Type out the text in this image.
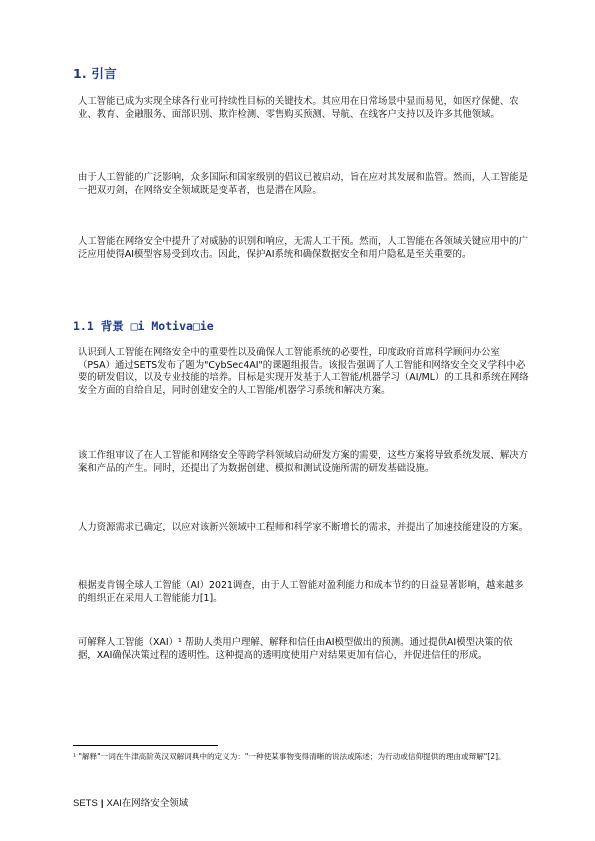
1. 引言

人工智能已成为实现全球各行业可持续性目标的关键技术。其应用在日常场景中显而易见，如医疗保健、农业、教育、金融服务、面部识别、欺诈检测、零售购买预测、导航、在线客户支持以及许多其他领域。

由于人工智能的广泛影响，众多国际和国家级别的倡议已被启动，旨在应对其发展和监管。然而，人工智能是一把双刃剑，在网络安全领域既是变革者，也是潜在风险。

人工智能在网络安全中提升了对威胁的识别和响应，无需人工干预。然而，人工智能在各领域关键应用中的广泛应用使得AI模型容易受到攻击。因此，保护AI系统和确保数据安全和用户隐私是至关重要的。

1.1 背景 □i Motiva□ie

认识到人工智能在网络安全中的重要性以及确保人工智能系统的必要性，印度政府首席科学顾问办公室（PSA）通过SETS发布了题为"CybSec4AI"的课题组报告。该报告强调了人工智能和网络安全交叉学科中必要的研发倡议，以及专业技能的培养。目标是实现开发基于人工智能/机器学习（AI/ML）的工具和系统在网络安全方面的自给自足，同时创建安全的人工智能/机器学习系统和解决方案。

该工作组审议了在人工智能和网络安全等跨学科领域启动研发方案的需要，这些方案将导致系统发展、解决方案和产品的产生。同时，还提出了为数据创建、模拟和测试设施所需的研发基础设施。

人力资源需求已确定，以应对该新兴领域中工程师和科学家不断增长的需求，并提出了加速技能建设的方案。

根据麦肯锡全球人工智能（AI）2021调查，由于人工智能对盈利能力和成本节约的日益显著影响，越来越多的组织正在采用人工智能能力[1]。

可解释人工智能（XAI）¹ 帮助人类用户理解、解释和信任由AI模型做出的预测。通过提供AI模型决策的依据，XAI确保决策过程的透明性。这种提高的透明度使用户对结果更加有信心，并促进信任的形成。

¹ "解释"一词在牛津高阶英汉双解词典中的定义为："一种使某事物变得清晰的说法或陈述；为行动或信仰提供的理由或辩解"[2]。
SETS | XAI在网络安全领域
